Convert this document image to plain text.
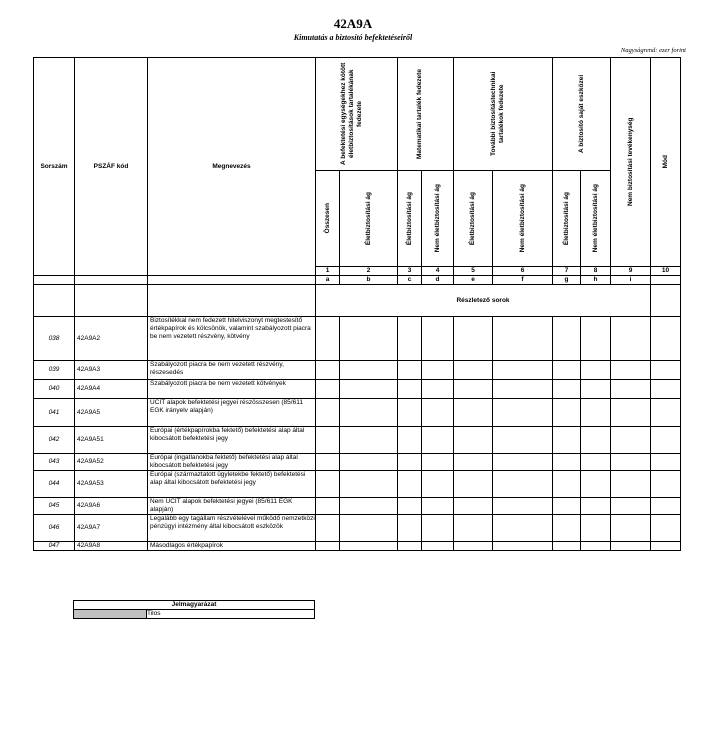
42A9A
Kimutatás a biztosító befektetéseiről
Nagyságrend: ezer forint
Sorszám	PSZÁF kód	Megnevezés	A befektetési egységekhez kötött életbiztosítások tartalékának fedezete		Matematikai tartalék fedezete		További biztosítástechnikai tartalékok fedezete		A biztosító saját eszközei		Nem biztosítási tevékenység	Mód

			Összesen	Életbiztosítási ág	Életbiztosítási ág	Nem életbiztosítási ág	Életbiztosítási ág	Nem életbiztosítási ág	Életbiztosítási ág	Nem életbiztosítási ág		

			1	2	3	4	5	6	7	8	9	10
			a	b	c	d	e	f	g	h	i	
			Részletező sorok									
038	42A9A2	Biztosítékkal nem fedezett hitelviszonyt megtestesítő értékpapírok és kölcsönök, valamint szabályozott piacra be nem vezetett részvény, kötvény										
039	42A9A3	Szabályozott piacra be nem vezetett részvény, részesedés										
040	42A9A4	Szabályozott piacra be nem vezetett kötvények										
041	42A9A5	UCIT alapok befektetési jegyei részösszesen (85/611 EGK irányelv alapján)										
042	42A9A51	Európai (értékpapírokba fektető) befektetési alap által kibocsátott befektetési jegy										
043	42A9A52	Európai (ingatlanokba fektető) befektetési alap által kibocsátott befektetési jegy										
044	42A9A53	Európai (származtatott ügyletekbe fektető) befektetési alap által kibocsátott befektetési jegy										
045	42A9A6	Nem UCIT alapok befektetési jegyei (85/611 EGK alapján)										
046	42A9A7	Legalább egy tagállam részvételével működő nemzetközi pénzügyi intézmény által kibocsátott eszközök										
047	42A9A8	Másodlagos értékpapírok										
Jelmagyarázat
	Tilos
